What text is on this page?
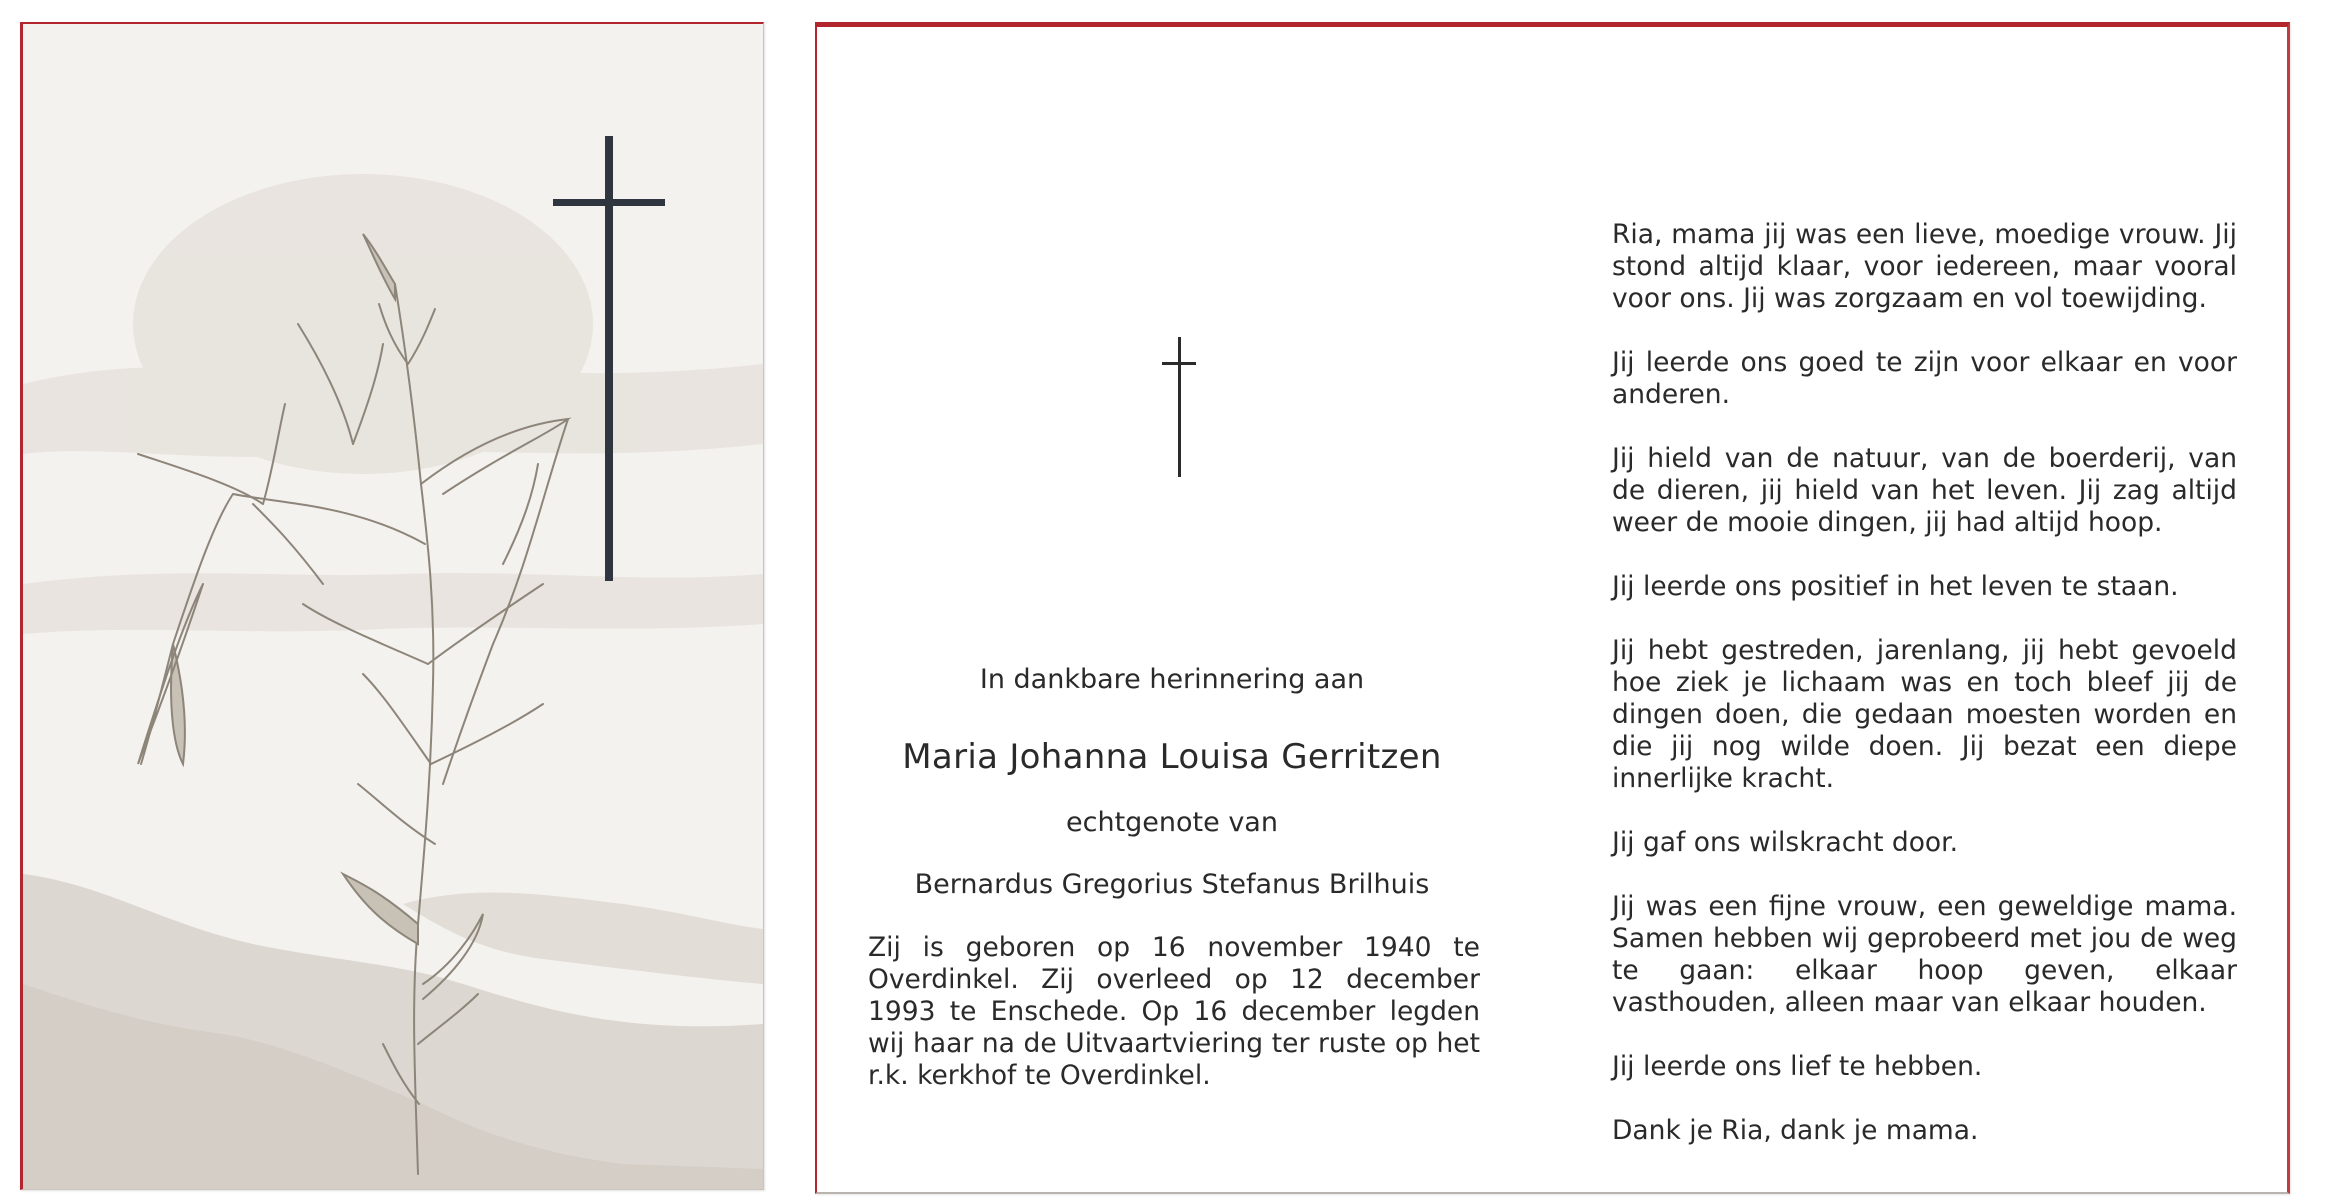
In dankbare herinnering aan
Maria Johanna Louisa Gerritzen
echtgenote van
Bernardus Gregorius Stefanus Brilhuis

Zij is geboren op 16 november 1940 te Overdinkel. Zij overleed op 12 december 1993 te Enschede. Op 16 december legden wij haar na de Uitvaartviering ter ruste op het r.k. kerkhof te Overdinkel.

Ria, mama jij was een lieve, moedige vrouw. Jij stond altijd klaar, voor iedereen, maar vooral voor ons. Jij was zorgzaam en vol toewijding.

Jij leerde ons goed te zijn voor elkaar en voor anderen.

Jij hield van de natuur, van de boerderij, van de dieren, jij hield van het leven. Jij zag altijd weer de mooie dingen, jij had altijd hoop.

Jij leerde ons positief in het leven te staan.

Jij hebt gestreden, jarenlang, jij hebt gevoeld hoe ziek je lichaam was en toch bleef jij de dingen doen, die gedaan moesten worden en die jij nog wilde doen. Jij bezat een diepe innerlijke kracht.

Jij gaf ons wilskracht door.

Jij was een fijne vrouw, een geweldige mama. Samen hebben wij geprobeerd met jou de weg te gaan: elkaar hoop geven, elkaar vasthouden, alleen maar van elkaar houden.

Jij leerde ons lief te hebben.

Dank je Ria, dank je mama.
